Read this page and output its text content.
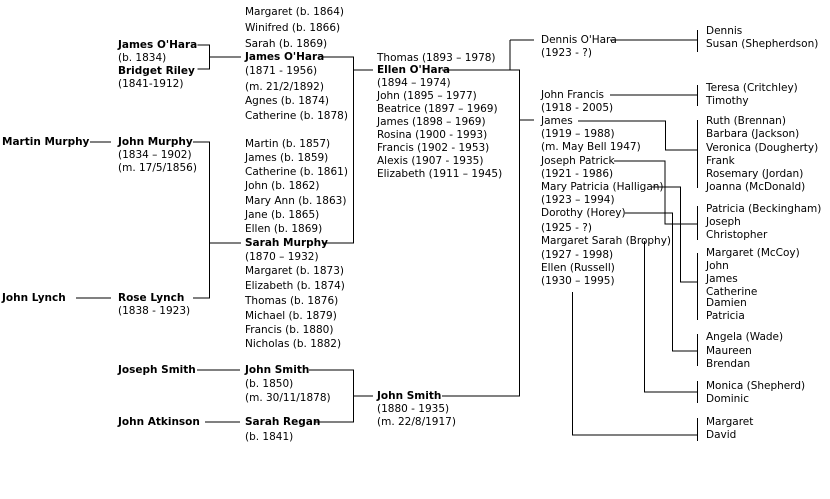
Martin Murphy
John Lynch
James O'Hara
(b. 1834)
Bridget Riley
(1841-1912)
John Murphy
(1834 – 1902)
(m. 17/5/1856)
Rose Lynch
(1838 - 1923)
Joseph Smith
John Atkinson
Margaret (b. 1864)
Winifred (b. 1866)
Sarah (b. 1869)
James O'Hara
(1871 - 1956)
(m. 21/2/1892)
Agnes (b. 1874)
Catherine (b. 1878)
Martin (b. 1857)
James (b. 1859)
Catherine (b. 1861)
John (b. 1862)
Mary Ann (b. 1863)
Jane (b. 1865)
Ellen (b. 1869)
Sarah Murphy
(1870 – 1932)
Margaret (b. 1873)
Elizabeth (b. 1874)
Thomas (b. 1876)
Michael (b. 1879)
Francis (b. 1880)
Nicholas (b. 1882)
John Smith
(b. 1850)
(m. 30/11/1878)
Sarah Regan
(b. 1841)
Thomas (1893 – 1978)
Ellen O'Hara
(1894 – 1974)
John (1895 – 1977)
Beatrice (1897 – 1969)
James (1898 – 1969)
Rosina (1900 - 1993)
Francis (1902 - 1953)
Alexis (1907 - 1935)
Elizabeth (1911 – 1945)
John Smith
(1880 - 1935)
(m. 22/8/1917)
Dennis O'Hara
(1923 - ?)
John Francis
(1918 - 2005)
James
(1919 – 1988)
(m. May Bell 1947)
Joseph Patrick
(1921 - 1986)
Mary Patricia (Halligan)
(1923 – 1994)
Dorothy (Horey)
(1925 - ?)
Margaret Sarah (Brophy)
(1927 - 1998)
Ellen (Russell)
(1930 – 1995)
Dennis
Susan (Shepherdson)
Teresa (Critchley)
Timothy
Ruth (Brennan)
Barbara (Jackson)
Veronica (Dougherty)
Frank
Rosemary (Jordan)
Joanna (McDonald)
Patricia (Beckingham)
Joseph
Christopher
Margaret (McCoy)
John
James
Catherine
Damien
Patricia
Angela (Wade)
Maureen
Brendan
Monica (Shepherd)
Dominic
Margaret
David
